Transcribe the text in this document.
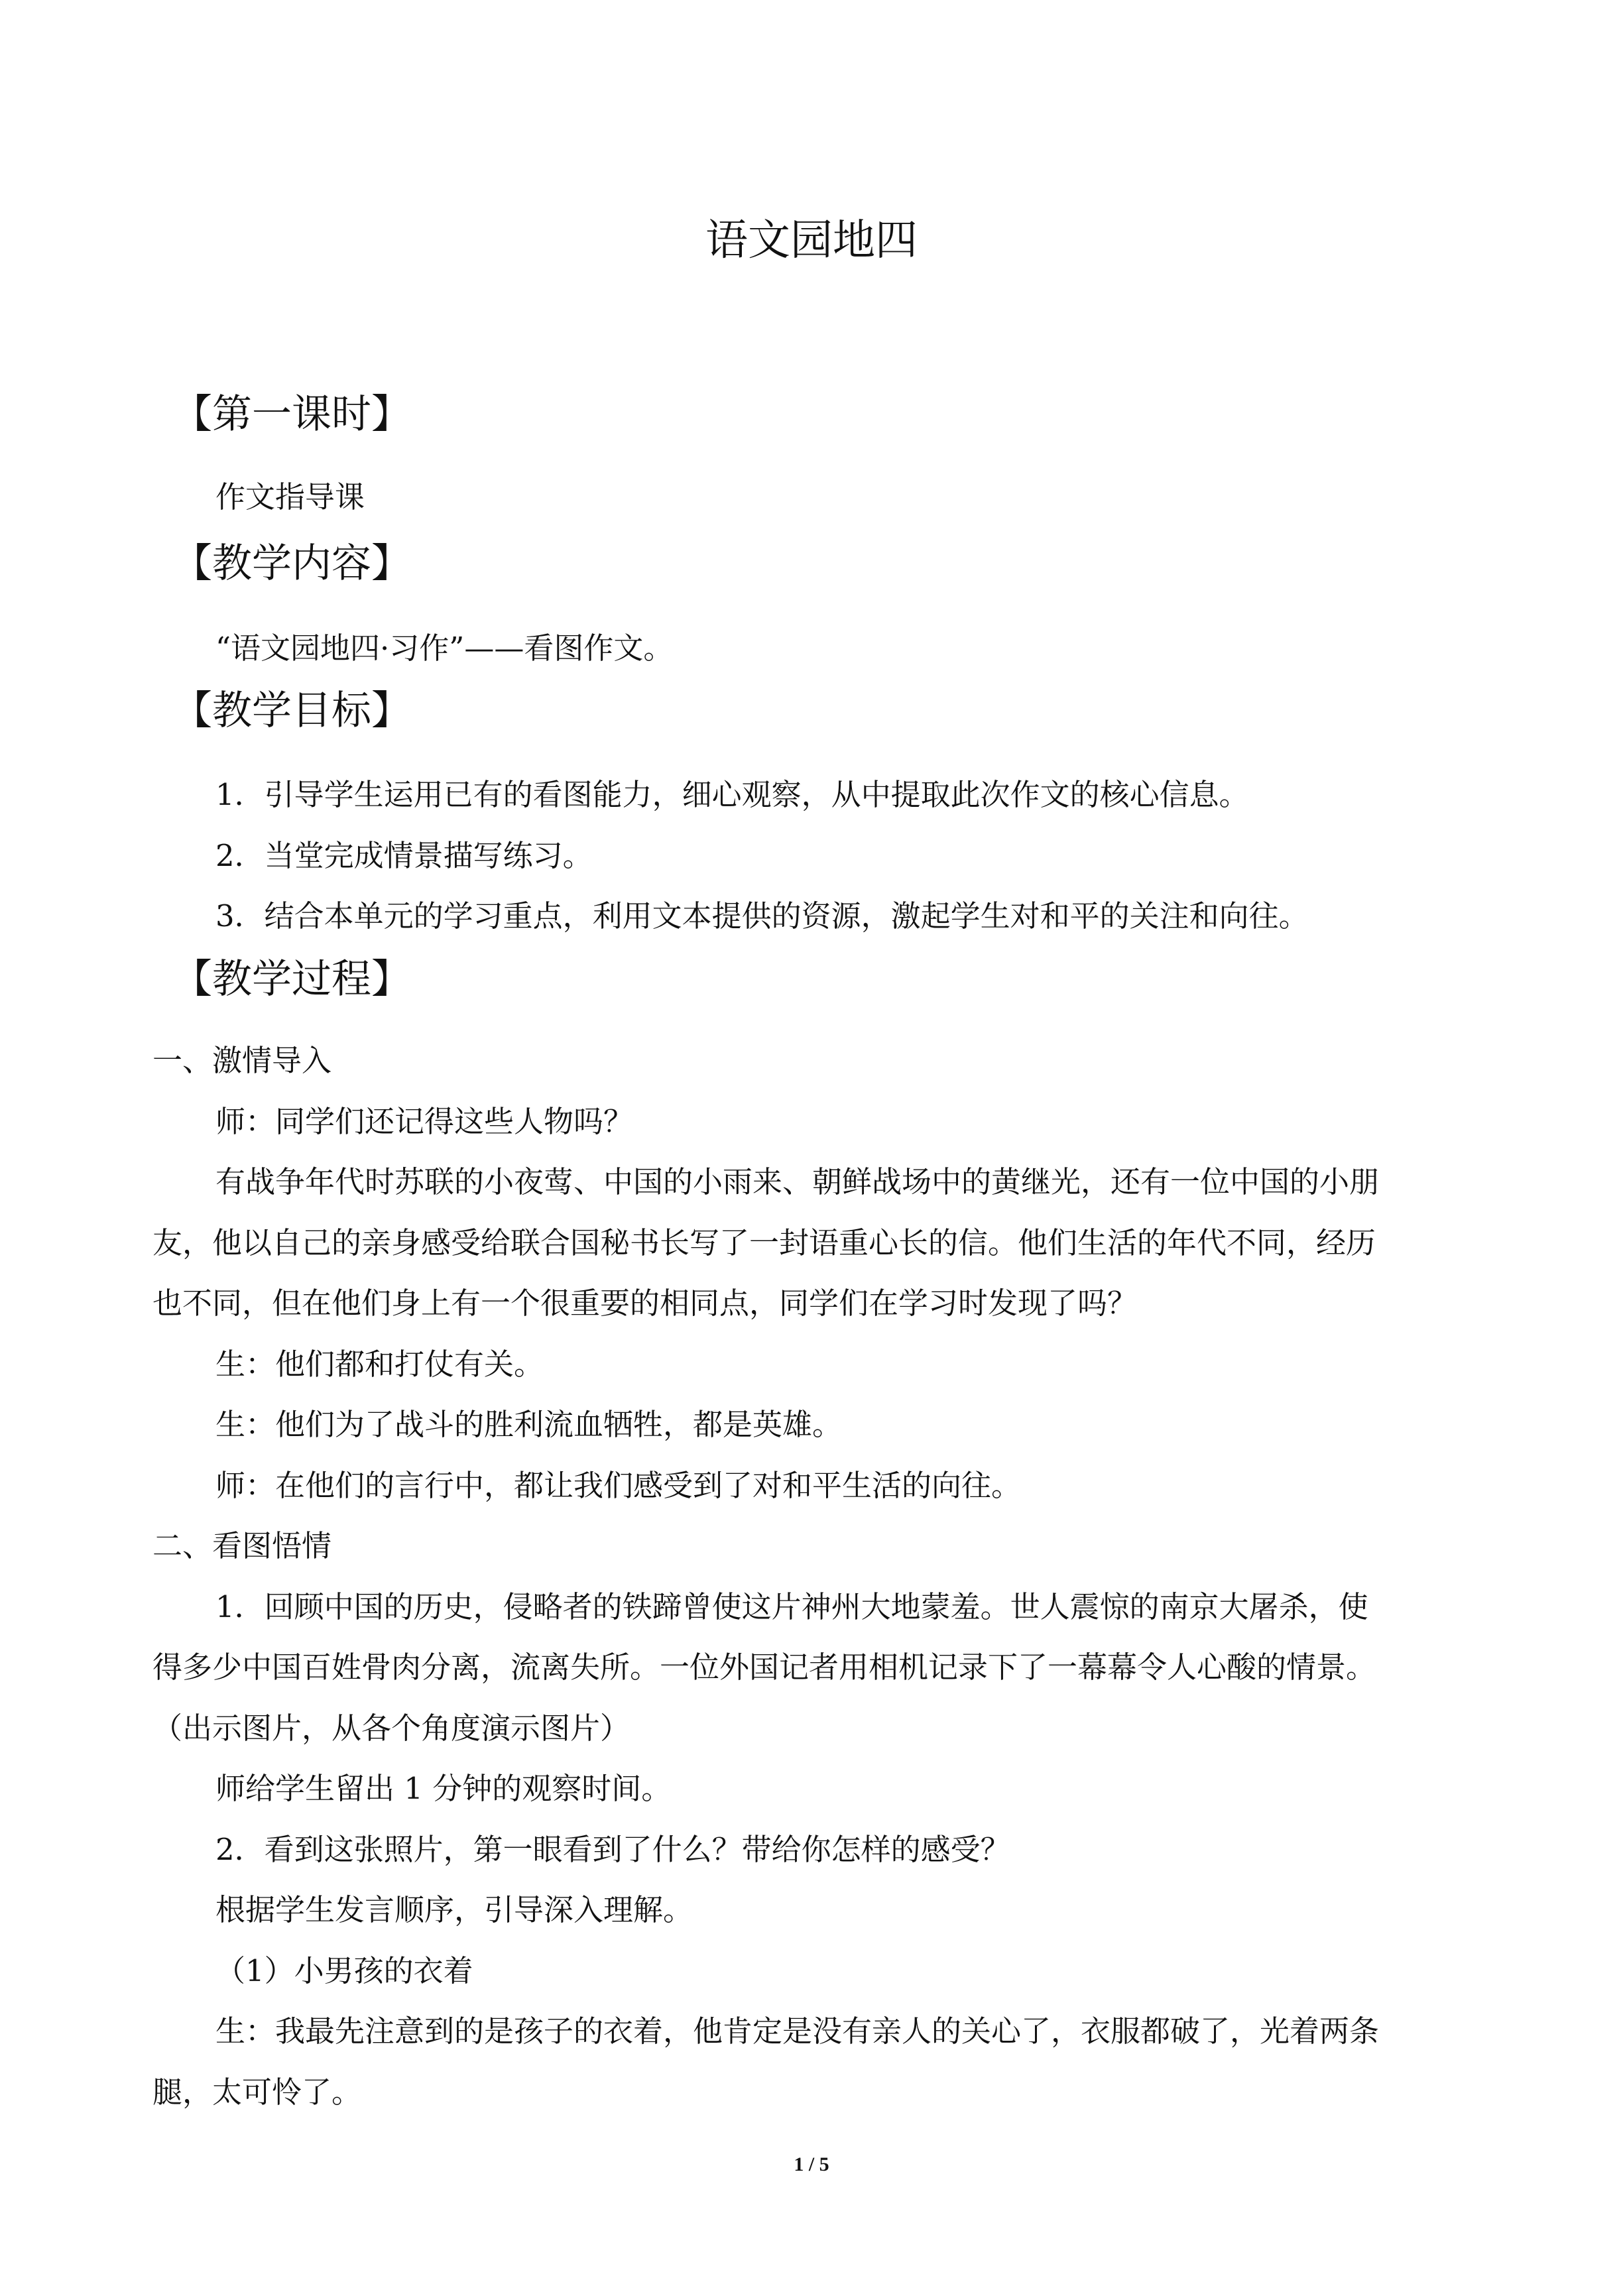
语文园地四
【第一课时】
作文指导课
【教学内容】
“语文园地四·习作”——看图作文。
【教学目标】
1．引导学生运用已有的看图能力，细心观察，从中提取此次作文的核心信息。
2．当堂完成情景描写练习。
3．结合本单元的学习重点，利用文本提供的资源，激起学生对和平的关注和向往。
【教学过程】
一、激情导入
师：同学们还记得这些人物吗？
有战争年代时苏联的小夜莺、中国的小雨来、朝鲜战场中的黄继光，还有一位中国的小朋
友，他以自己的亲身感受给联合国秘书长写了一封语重心长的信。他们生活的年代不同，经历
也不同，但在他们身上有一个很重要的相同点，同学们在学习时发现了吗？
生：他们都和打仗有关。
生：他们为了战斗的胜利流血牺牲，都是英雄。
师：在他们的言行中，都让我们感受到了对和平生活的向往。
二、看图悟情
1．回顾中国的历史，侵略者的铁蹄曾使这片神州大地蒙羞。世人震惊的南京大屠杀，使
得多少中国百姓骨肉分离，流离失所。一位外国记者用相机记录下了一幕幕令人心酸的情景。
（出示图片，从各个角度演示图片）
师给学生留出 1 分钟的观察时间。
2．看到这张照片，第一眼看到了什么？带给你怎样的感受？
根据学生发言顺序，引导深入理解。
（1）小男孩的衣着
生：我最先注意到的是孩子的衣着，他肯定是没有亲人的关心了，衣服都破了，光着两条
腿，太可怜了。
1 / 5
